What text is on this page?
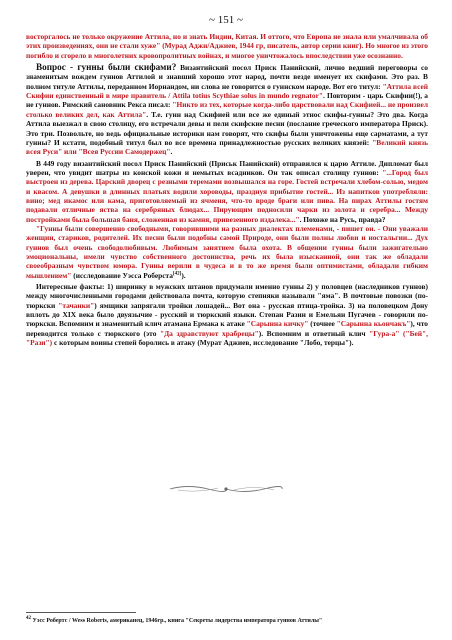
~ 151 ~

восторгалось не только окружение Аттила, но и знать Индии, Китая. И оттого, что Европа не знала или умалчивала об этих произведениях, они не стали хуже" (Мурад Аджи/Аджиев, 1944 гр, писатель, автор серии книг). Но многое из этого погибло и сгорело в многолетних кровопролитных войнах, и многое уничтожалось впоследствии уже осознанно.

Вопрос - гунны были скифами? Византийский посол Приск Панийский, лично ведший переговоры со знаменитым вождем гуннов Аттилой и знавший хорошо этот народ, почти везде именует их скифами. Это раз. В полном титуле Аттилы, переданном Иорнандом, ни слова не говорится о гуннском народе. Вот его титул: "Аттила всей Скифии единственный в мире правитель / Attila totius Scythiae solus in mundo regnator". Повторим - царь Скифии(!), а не гуннов. Римский сановник Рекса писал: "Никто из тех, которые когда-либо царствовали над Скифией... не произвел столько великих дел, как Аттила". Т.е. гунн над Скифией или все же единый этнос скифы-гунны? Это два. Когда Аттила выезжал в свою столицу, его встречали девы и пели скифские песни (послание греческого императора Приск). Это три. Позвольте, но ведь официальные историки нам говорят, что скифы были уничтожены еще сарматами, а тут гунны? И кстати, подобный титул был во все времена принадлежностью русских великих князей: "Великий князь всея Руси" или "Всея Руссии Самодержец".

В 449 году византийский посол Приск Панийский (Приськ Панийский) отправился к царю Аттиле. Дипломат был уверен, что увидит шатры из конской кожи и немытых всадников. Он так описал столицу гуннов: "...Город был выстроен из дерева. Царский дворец с резными теремами возвышался на горе. Гостей встречали хлебом-солью, медом и квасом. А девушки в длинных платьях водили хороводы, празднуя прибытие гостей... Из напитков употребляли: вино; мед икамос или кама, приготовляемый из ячменя, что-то вроде браги или пива. На пирах Аттилы гостям подавали отличные яства на серебряных блюдах... Пирующим подносили чарки из золота и серебра... Между постройками была большая баня, сложенная из камня, привезенного издалека...". Похоже на Русь, правда?

"Гунны были совершенно свободными, говорившими на разных диалектах племенами, - пишет он. - Они уважали женщин, стариков, родителей. Их песни были подобны самой Природе, они были полны любви и ностальгии... Дух гуннов был очень свободолюбивым. Любимым занятием была охота. В общении гунны были зажигательно эмоциональны, имели чувство собственного достоинства, речь их была изысканной, они так же обладали своеобразным чувством юмора. Гунны верили в чудеса и в то же время были оптимистами, обладали гибким мышлением" (исследование Уэсса Роберста[42]).

Интересные факты: 1) ширинку в мужских штанов придумали именно гунны 2) у половцев (наследников гуннов) между многочисленными городами действовала почта, которую степняки называли "яма". В почтовые повозки (по-тюркски "тачанки") ямщики запрягали тройки лошадей... Вот она - русская птица-тройка. 3) на половецком Дону вплоть до XIX века было двуязычие - русский и тюркский языки. Степан Разин и Емельян Пугачев - говорили по-тюркски. Вспомним и знаменитый клич атамана Ермака к атаке "Сарынна кичку" (точнее "Сарынна кьончакъ"), что переводится только с тюркского (это "Да здравствуют храбрецы"). Вспомним и ответный клич "Гура-а" ("Бей", "Рази") с которым воины степей боролись в атаку (Мурат Аджиев, исследование "Лобо, терцы").

$^{42}$ Уэсс Робертс / Wess Roberts, американец, 1946гр., книга "Секреты лидерства императора гуннов Аттилы"
